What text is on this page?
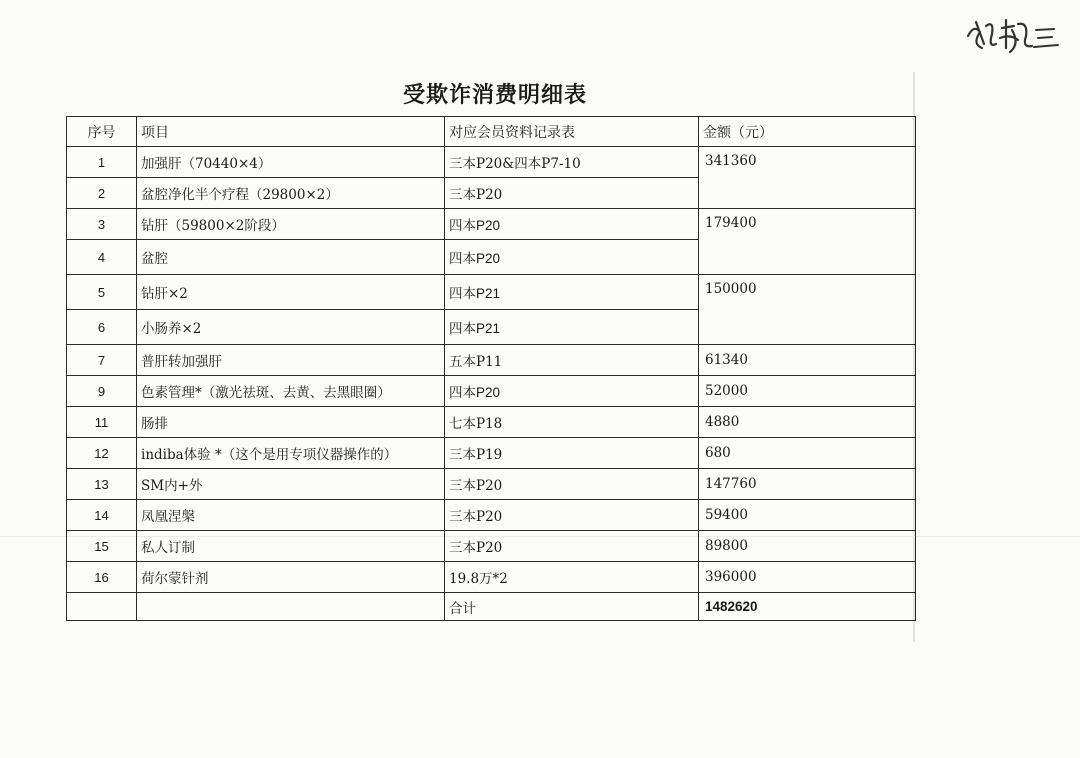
受欺诈消费明细表
序号	项目	对应会员资料记录表	金额（元）
1	加强肝（70440×4）	三本P20&四本P7-10	341360
2	盆腔净化半个疗程（29800×2）	三本P20	
3	钻肝（59800×2阶段）	四本P20	179400
4	盆腔	四本P20	
5	钻肝×2	四本P21	150000
6	小肠养×2	四本P21	
7	普肝转加强肝	五本P11	61340
9	色素管理*（激光祛斑、去黄、去黑眼圈）	四本P20	52000
11	肠排	七本P18	4880
12	indiba体验 *（这个是用专项仪器操作的）	三本P19	680
13	SM内+外	三本P20	147760
14	凤凰涅槃	三本P20	59400
15	私人订制	三本P20	89800
16	荷尔蒙针剂	19.8万*2	396000
		合计	1482620
